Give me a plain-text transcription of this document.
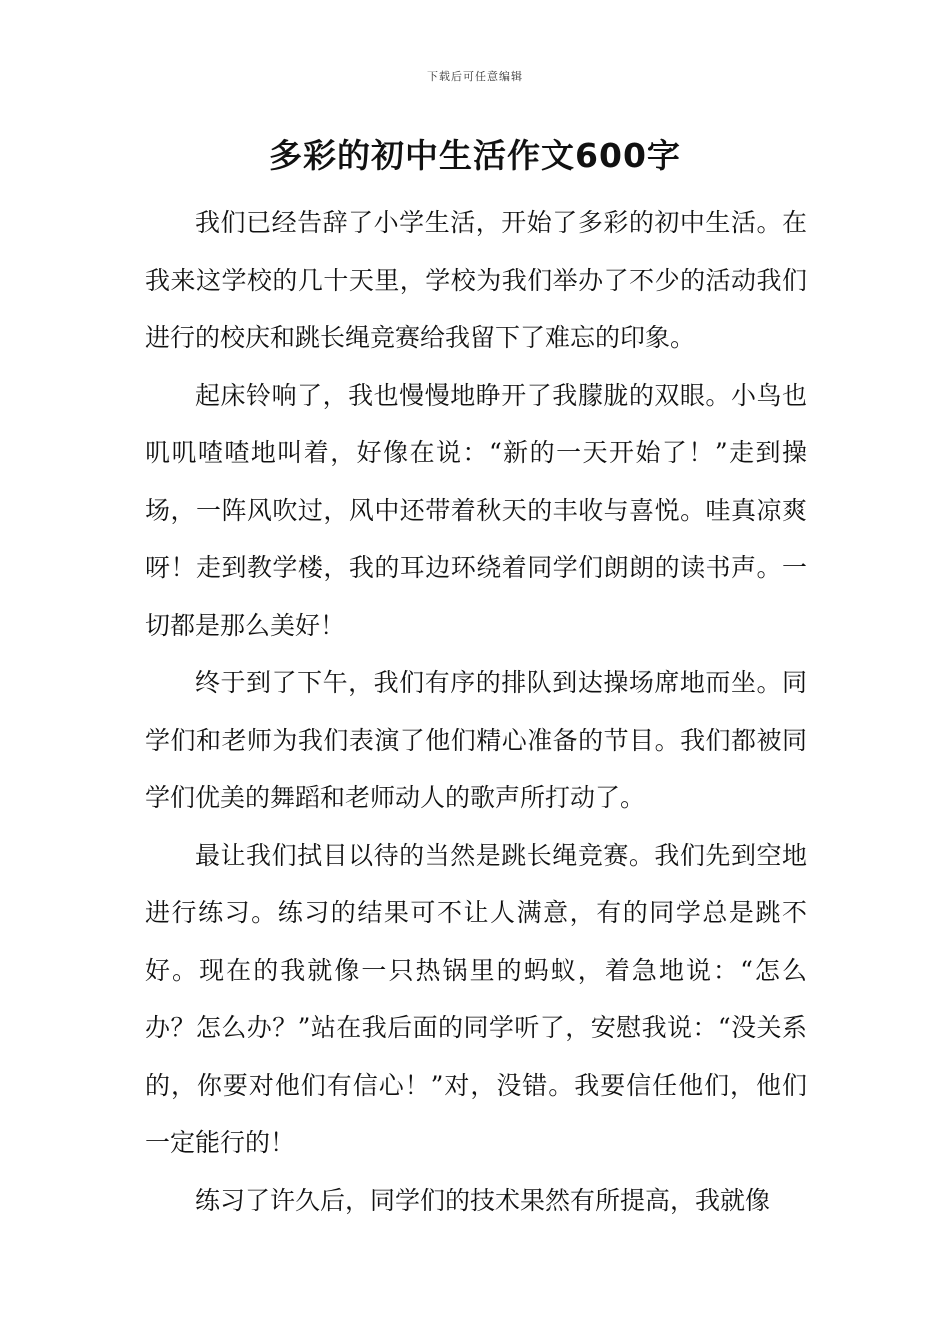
下载后可任意编辑
多彩的初中生活作文600字

我们已经告辞了小学生活，开始了多彩的初中生活。在我来这学校的几十天里，学校为我们举办了不少的活动我们进行的校庆和跳长绳竞赛给我留下了难忘的印象。

起床铃响了，我也慢慢地睁开了我朦胧的双眼。小鸟也叽叽喳喳地叫着，好像在说：“新的一天开始了！”走到操场，一阵风吹过，风中还带着秋天的丰收与喜悦。哇真凉爽呀！走到教学楼，我的耳边环绕着同学们朗朗的读书声。一切都是那么美好！

终于到了下午，我们有序的排队到达操场席地而坐。同学们和老师为我们表演了他们精心准备的节目。我们都被同学们优美的舞蹈和老师动人的歌声所打动了。

最让我们拭目以待的当然是跳长绳竞赛。我们先到空地进行练习。练习的结果可不让人满意，有的同学总是跳不好。现在的我就像一只热锅里的蚂蚁，着急地说：“怎么办？怎么办？”站在我后面的同学听了，安慰我说：“没关系的，你要对他们有信心！”对，没错。我要信任他们，他们一定能行的！

练习了许久后，同学们的技术果然有所提高，我就像
